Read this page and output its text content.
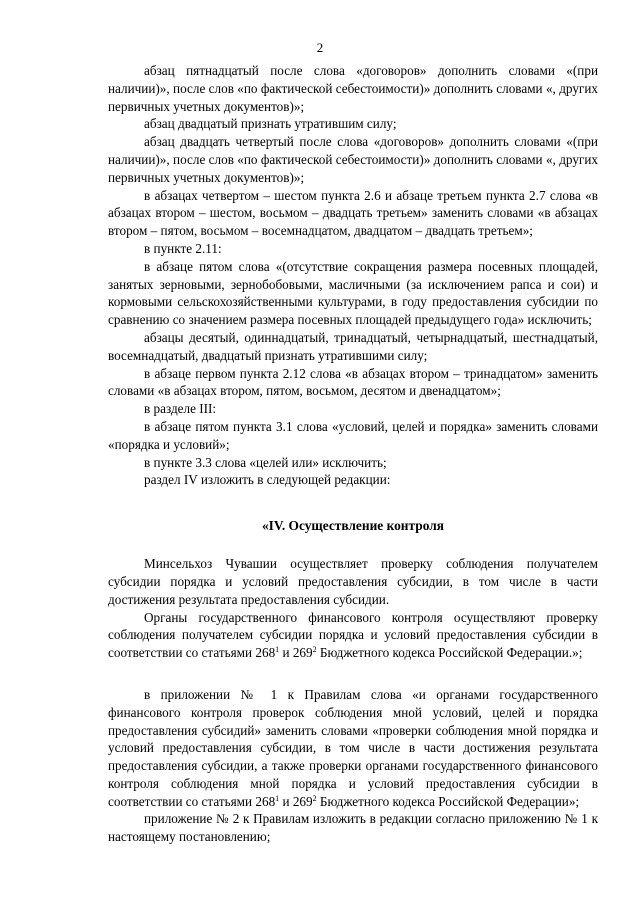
2

абзац пятнадцатый после слова «договоров» дополнить словами «(при наличии)», после слов «по фактической себестоимости)» дополнить словами «, других первичных учетных документов)»;

абзац двадцатый признать утратившим силу;

абзац двадцать четвертый после слова «договоров» дополнить словами «(при наличии)», после слов «по фактической себестоимости)» дополнить словами «, других первичных учетных документов)»;

в абзацах четвертом – шестом пункта 2.6 и абзаце третьем пункта 2.7 слова «в абзацах втором – шестом, восьмом – двадцать третьем» заменить словами «в абзацах втором – пятом, восьмом – восемнадцатом, двадцатом – двадцать третьем»;

в пункте 2.11:

в абзаце пятом слова «(отсутствие сокращения размера посевных площадей, занятых зерновыми, зернобобовыми, масличными (за исключением рапса и сои) и кормовыми сельскохозяйственными культурами, в году предоставления субсидии по сравнению со значением размера посевных площадей предыдущего года» исключить;

абзацы десятый, одиннадцатый, тринадцатый, четырнадцатый, шестнадцатый, восемнадцатый, двадцатый признать утратившими силу;

в абзаце первом пункта 2.12 слова «в абзацах втором – тринадцатом» заменить словами «в абзацах втором, пятом, восьмом, десятом и двенадцатом»;

в разделе III:

в абзаце пятом пункта 3.1 слова «условий, целей и порядка» заменить словами «порядка и условий»;

в пункте 3.3 слова «целей или» исключить;

раздел IV изложить в следующей редакции:

«IV. Осуществление контроля

Минсельхоз Чувашии осуществляет проверку соблюдения получателем субсидии порядка и условий предоставления субсидии, в том числе в части достижения результата предоставления субсидии.

Органы государственного финансового контроля осуществляют проверку соблюдения получателем субсидии порядка и условий предоставления субсидии в соответствии со статьями $268^1$ и $269^2$ Бюджетного кодекса Российской Федерации.»;

в приложении № 1 к Правилам слова «и органами государственного финансового контроля проверок соблюдения мной условий, целей и порядка предоставления субсидий» заменить словами «проверки соблюдения мной порядка и условий предоставления субсидии, в том числе в части достижения результата предоставления субсидии, а также проверки органами государственного финансового контроля соблюдения мной порядка и условий предоставления субсидии в соответствии со статьями $268^1$ и $269^2$ Бюджетного кодекса Российской Федерации»;

приложение № 2 к Правилам изложить в редакции согласно приложению № 1 к настоящему постановлению;
